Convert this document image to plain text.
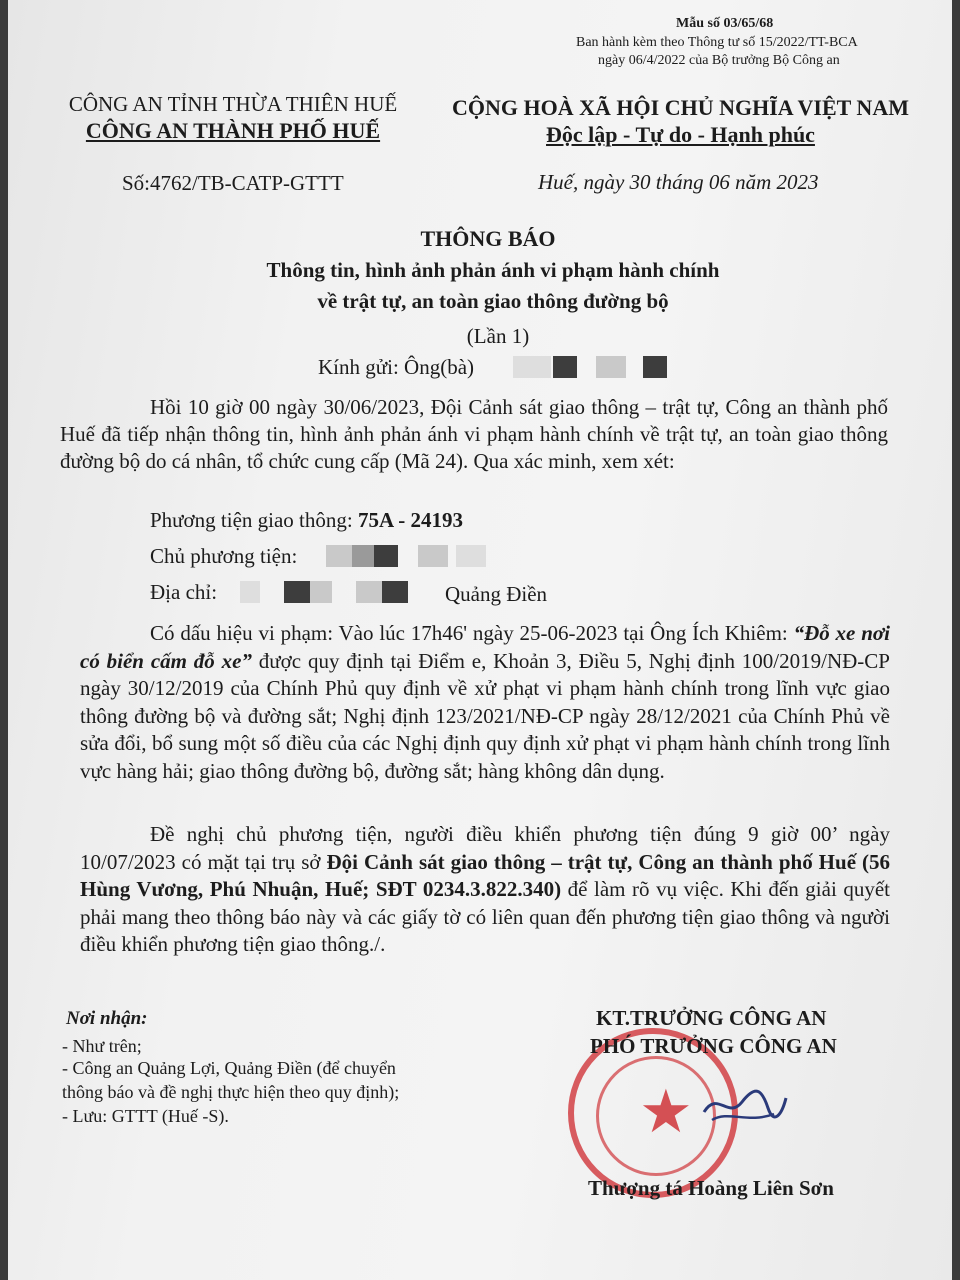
Mẫu số 03/65/68
Ban hành kèm theo Thông tư số 15/2022/TT-BCA
ngày 06/4/2022 của Bộ trưởng Bộ Công an
CÔNG AN TỈNH THỪA THIÊN HUẾ
CÔNG AN THÀNH PHỐ HUẾ
Số:4762/TB-CATP-GTTT
CỘNG HOÀ XÃ HỘI CHỦ NGHĨA VIỆT NAM
Độc lập - Tự do - Hạnh phúc
Huế, ngày 30 tháng 06 năm 2023
THÔNG BÁO
Thông tin, hình ảnh phản ánh vi phạm hành chính
về trật tự, an toàn giao thông đường bộ
(Lần 1)
Kính gửi: Ông(bà)
Hồi 10 giờ 00 ngày 30/06/2023, Đội Cảnh sát giao thông – trật tự, Công an thành phố Huế đã tiếp nhận thông tin, hình ảnh phản ánh vi phạm hành chính về trật tự, an toàn giao thông đường bộ do cá nhân, tổ chức cung cấp (Mã 24). Qua xác minh, xem xét:
Phương tiện giao thông: 75A - 24193
Chủ phương tiện:
Địa chỉ:	Quảng Điền
Có dấu hiệu vi phạm: Vào lúc 17h46' ngày 25-06-2023 tại Ông Ích Khiêm: “Đỗ xe nơi có biển cấm đỗ xe” được quy định tại Điểm e, Khoản 3, Điều 5, Nghị định 100/2019/NĐ-CP ngày 30/12/2019 của Chính Phủ quy định về xử phạt vi phạm hành chính trong lĩnh vực giao thông đường bộ và đường sắt; Nghị định 123/2021/NĐ-CP ngày 28/12/2021 của Chính Phủ về sửa đổi, bổ sung một số điều của các Nghị định quy định xử phạt vi phạm hành chính trong lĩnh vực hàng hải; giao thông đường bộ, đường sắt; hàng không dân dụng.
Đề nghị chủ phương tiện, người điều khiển phương tiện đúng 9 giờ 00’ ngày 10/07/2023 có mặt tại trụ sở Đội Cảnh sát giao thông – trật tự, Công an thành phố Huế (56 Hùng Vương, Phú Nhuận, Huế; SĐT 0234.3.822.340) để làm rõ vụ việc. Khi đến giải quyết phải mang theo thông báo này và các giấy tờ có liên quan đến phương tiện giao thông và người điều khiển phương tiện giao thông./.
Nơi nhận:
- Như trên;
- Công an Quảng Lợi, Quảng Điền (để chuyển
thông báo và đề nghị thực hiện theo quy định);
- Lưu: GTTT (Huế -S).	★
KT.TRƯỞNG CÔNG AN
PHÓ TRƯỞNG CÔNG AN
Thượng tá Hoàng Liên Sơn
